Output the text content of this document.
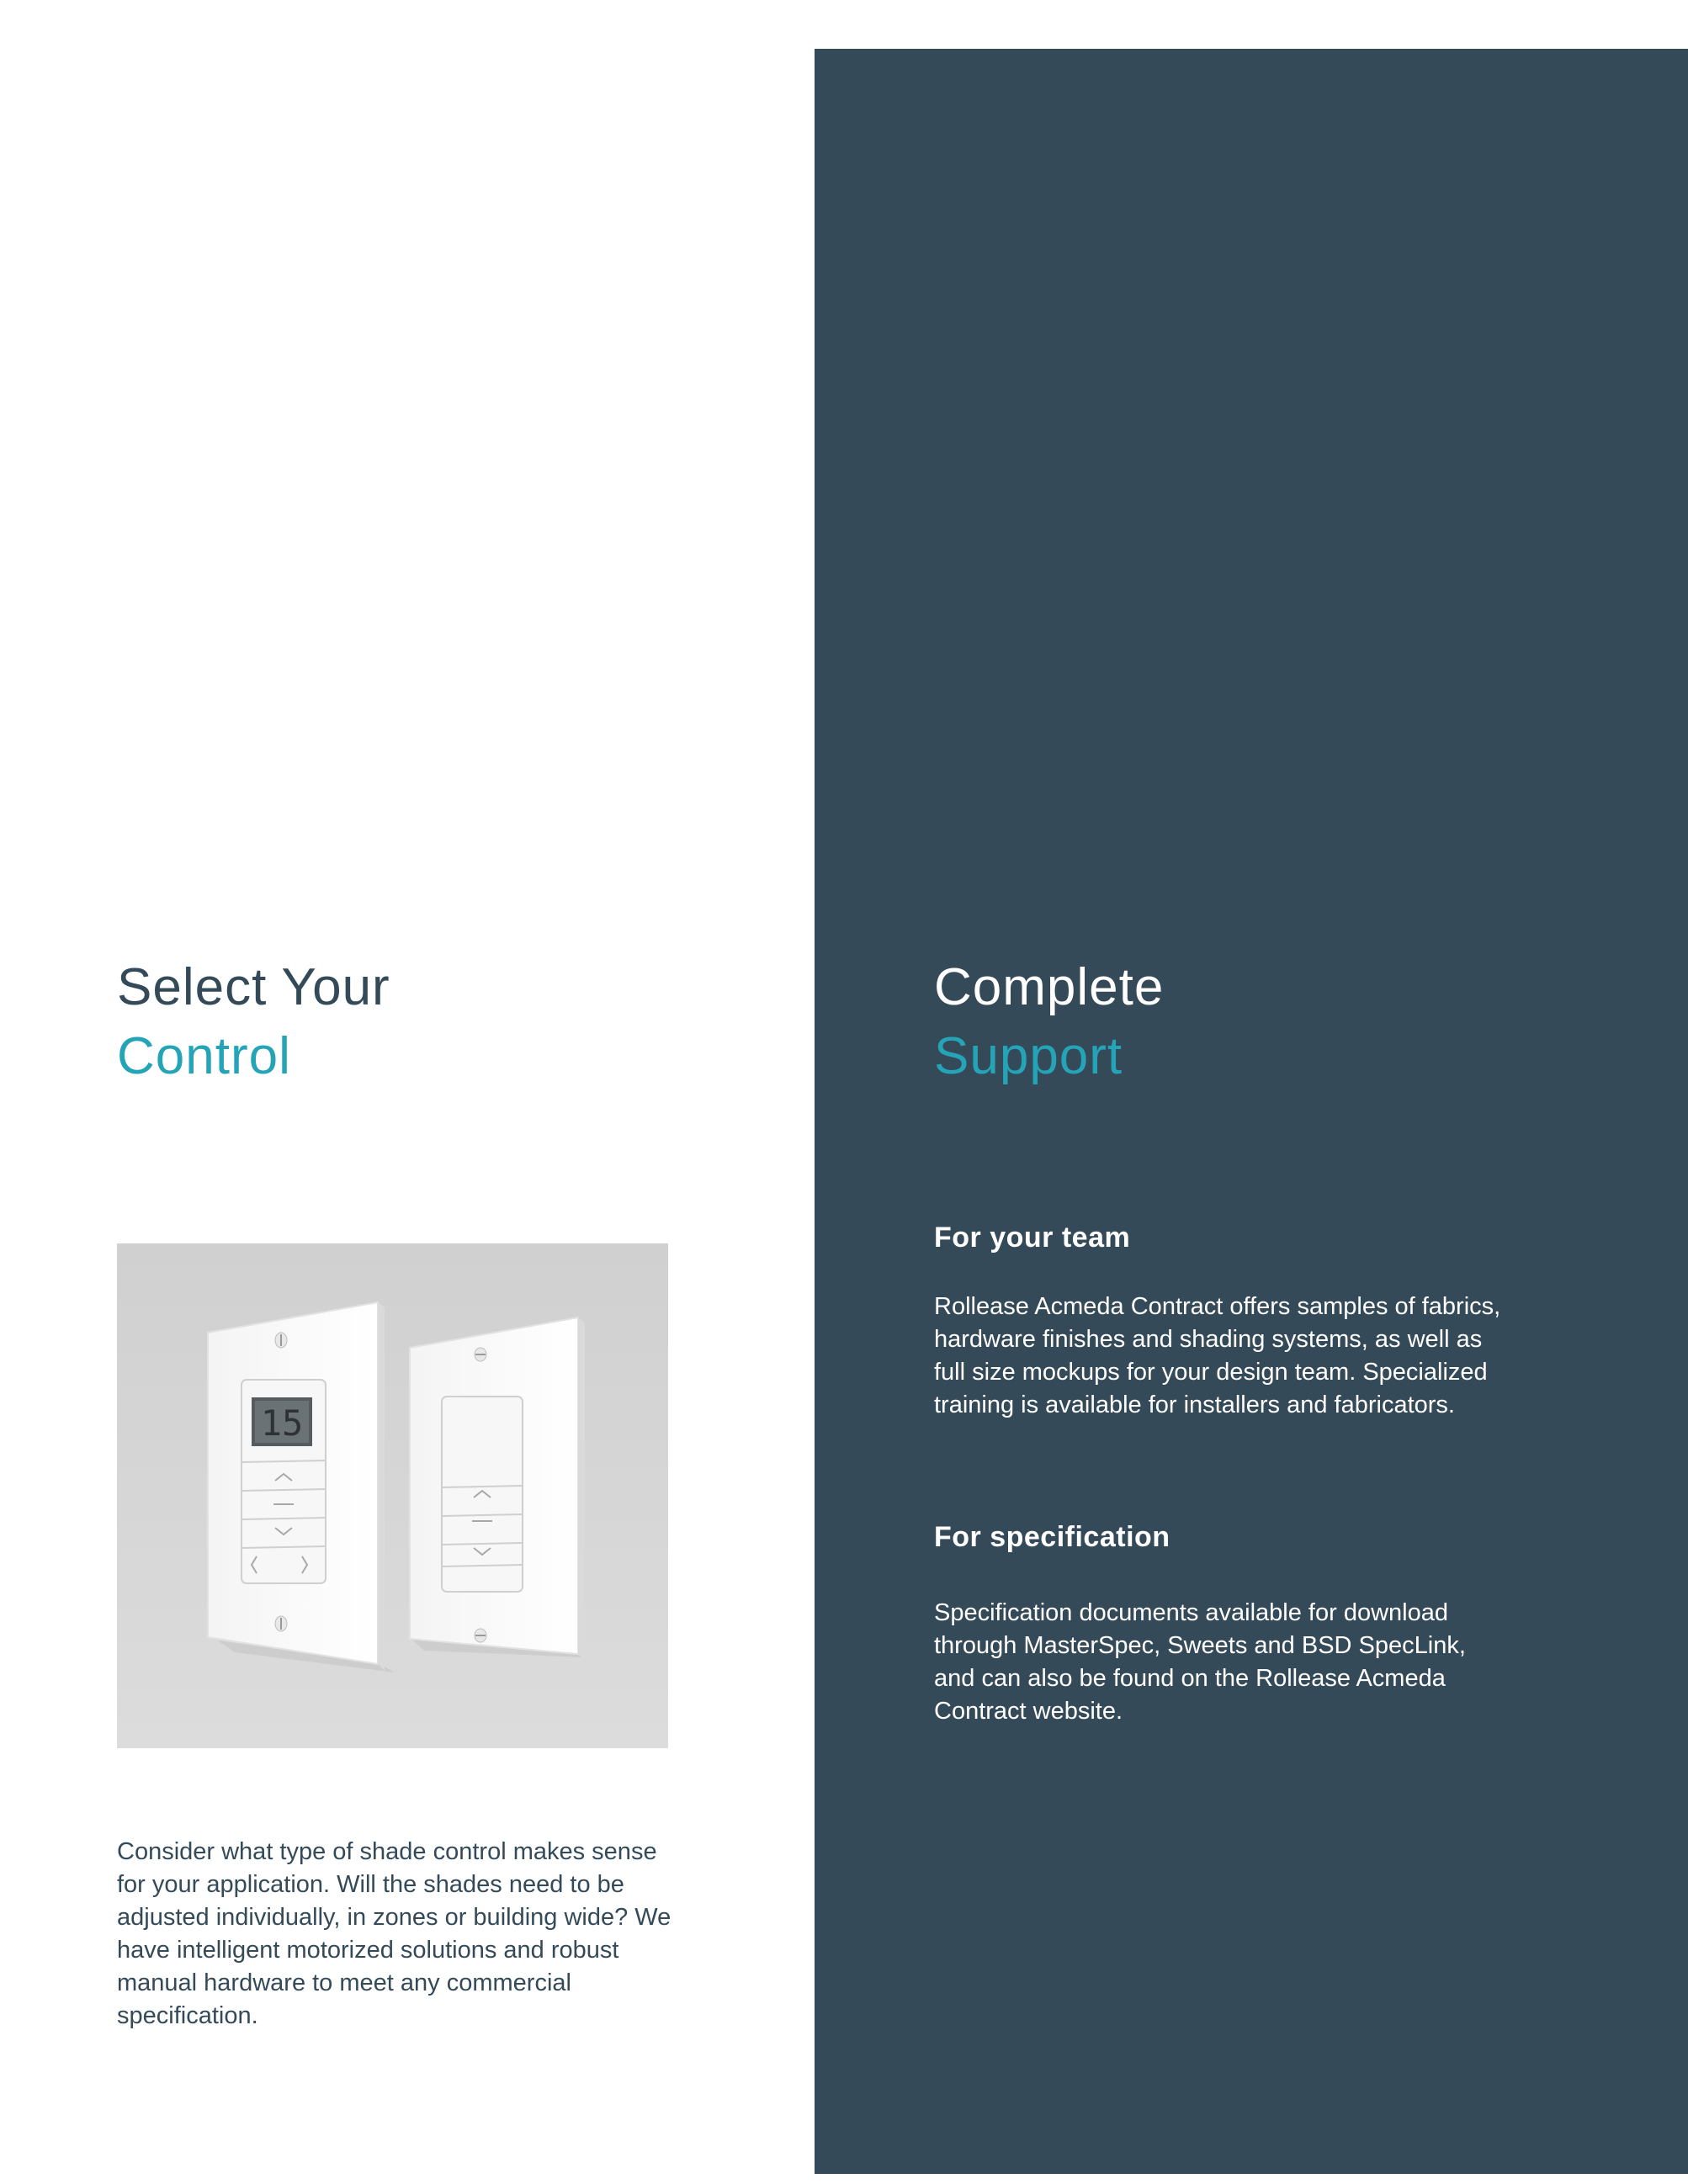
Select Your
Control
15

Consider what type of shade control makes sense for your application. Will the shades need to be adjusted individually, in zones or building wide? We have intelligent motorized solutions and robust manual hardware to meet any commercial specification.

Complete
Support
For your team

Rollease Acmeda Contract offers samples of fabrics, hardware finishes and shading systems, as well as full size mockups for your design team. Specialized training is available for installers and fabricators.

For specification

Specification documents available for download through MasterSpec, Sweets and BSD SpecLink, and can also be found on the Rollease Acmeda Contract website.
